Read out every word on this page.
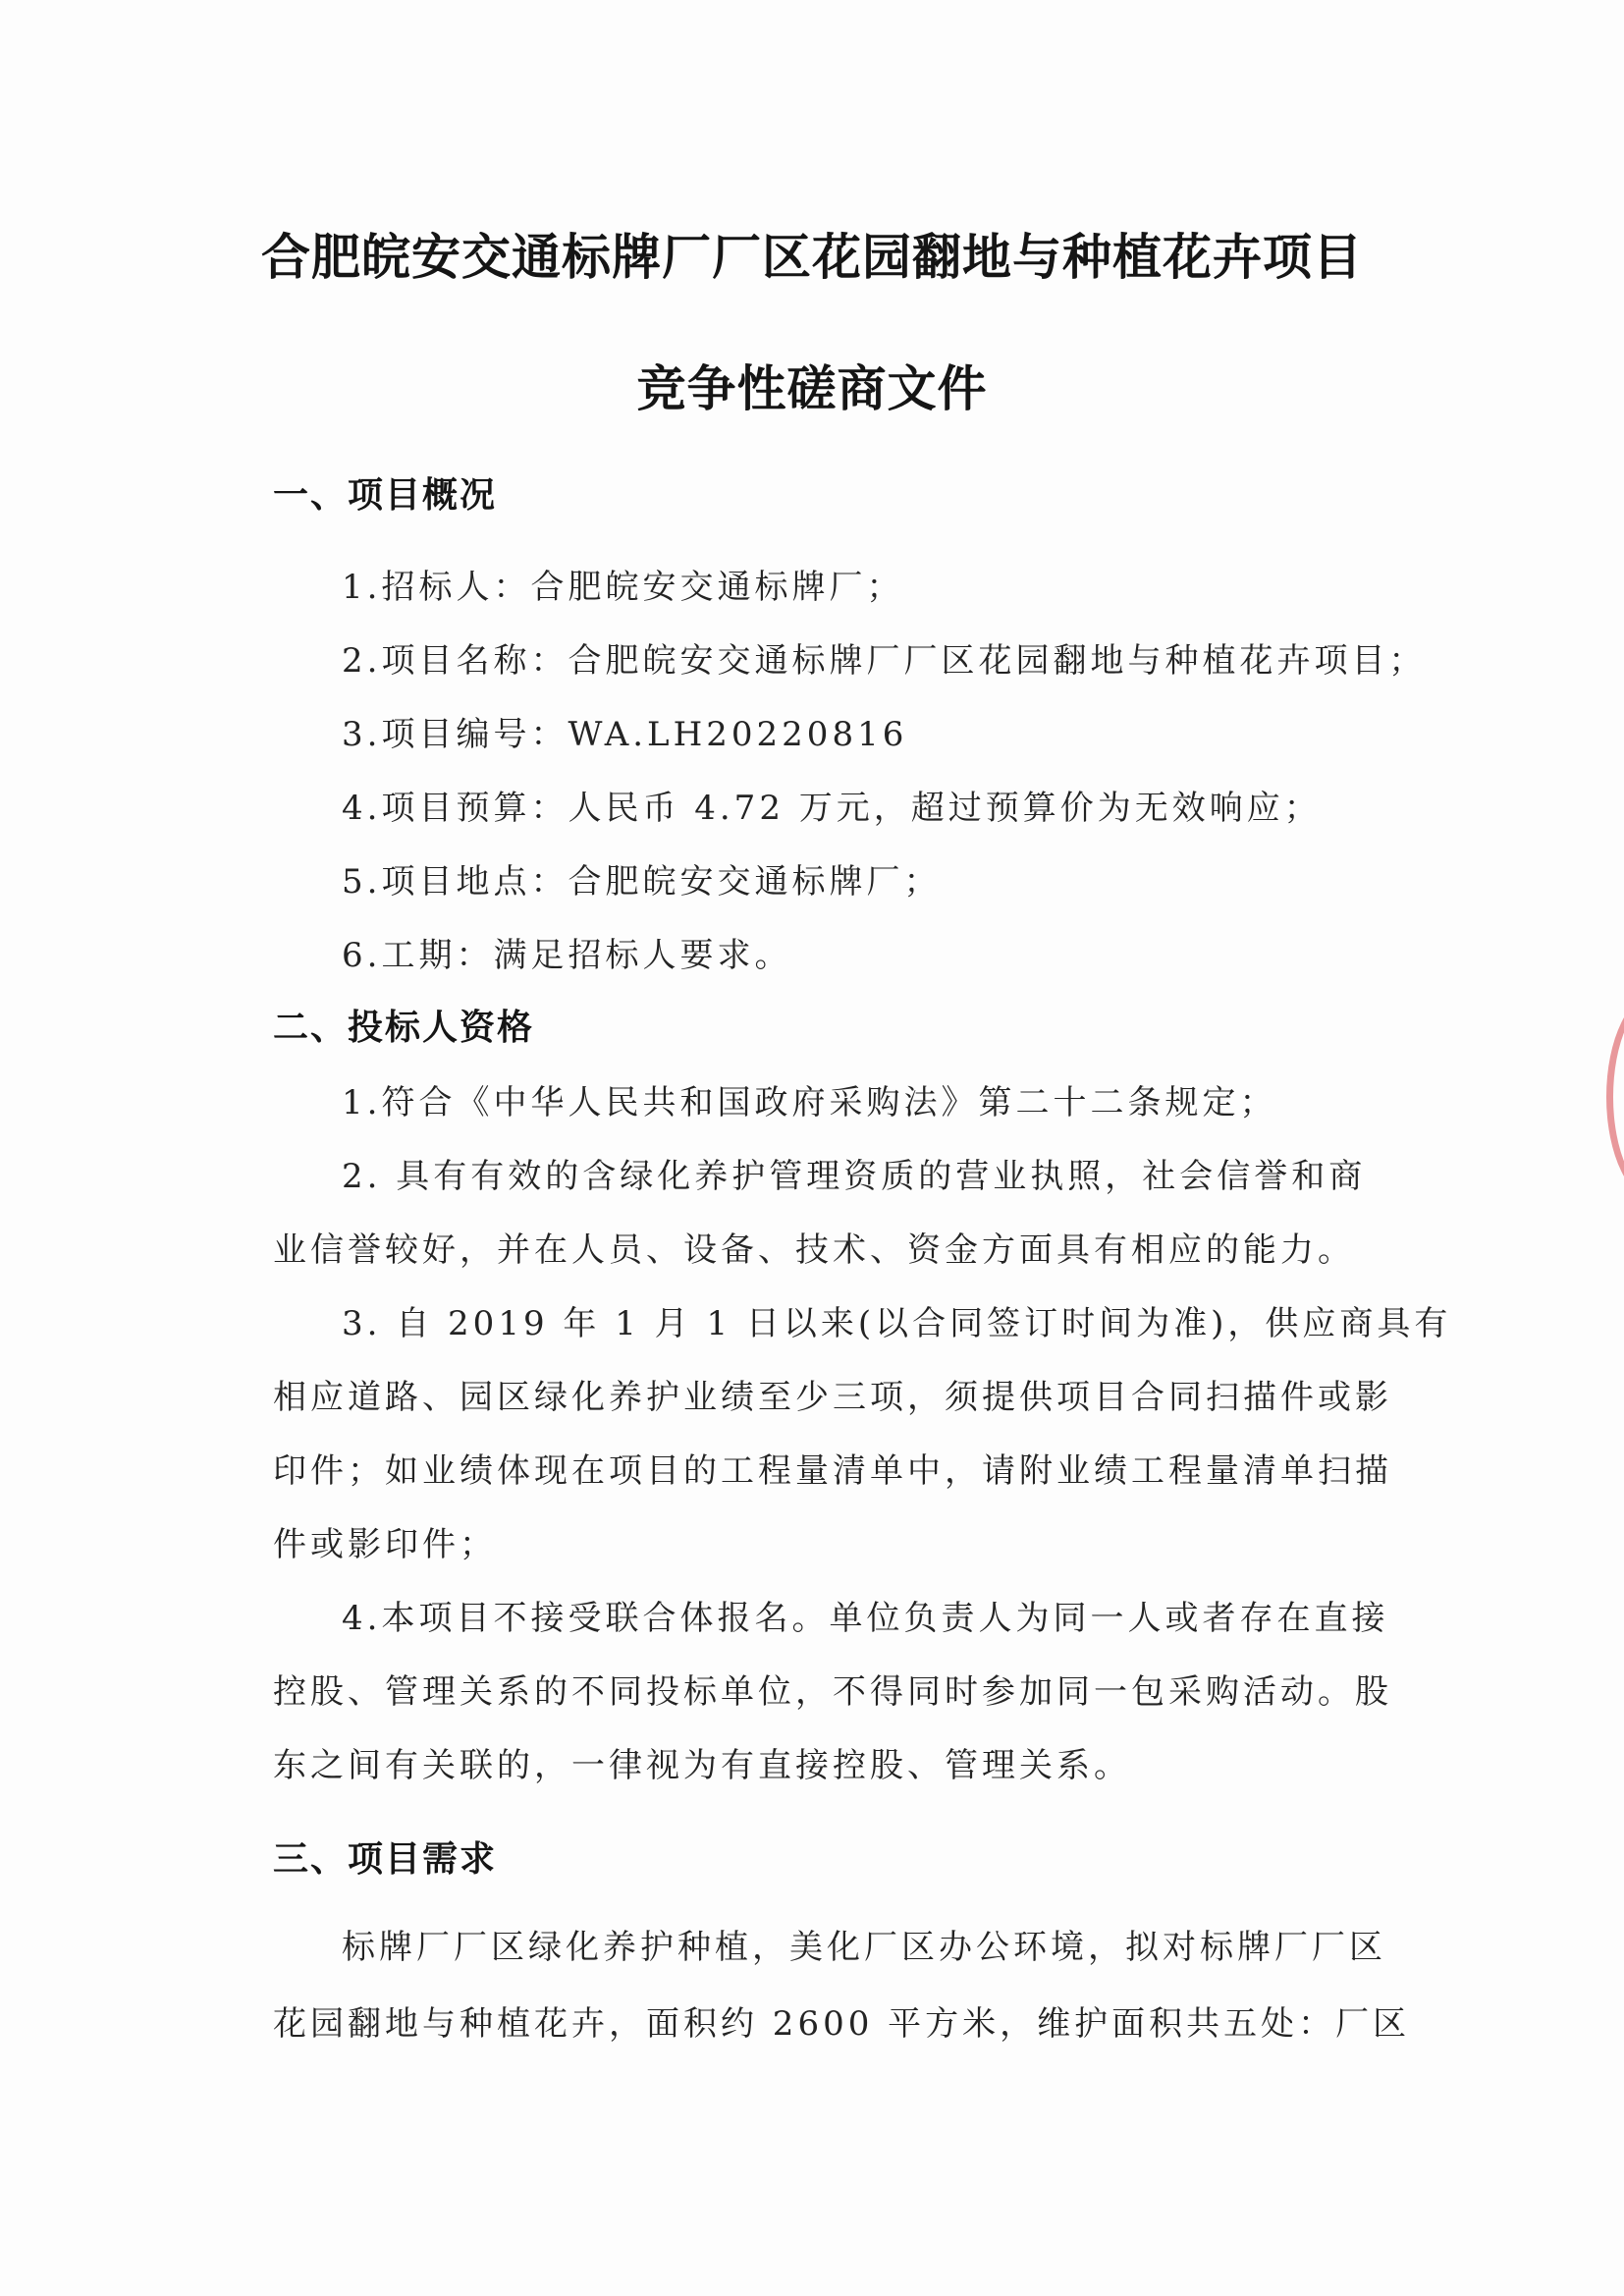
合肥皖安交通标牌厂厂区花园翻地与种植花卉项目
竞争性磋商文件
一、项目概况
1.招标人：合肥皖安交通标牌厂；
2.项目名称：合肥皖安交通标牌厂厂区花园翻地与种植花卉项目；
3.项目编号：WA.LH20220816
4.项目预算：人民币 4.72 万元，超过预算价为无效响应；
5.项目地点：合肥皖安交通标牌厂；
6.工期：满足招标人要求。
二、投标人资格
1.符合《中华人民共和国政府采购法》第二十二条规定；
2. 具有有效的含绿化养护管理资质的营业执照，社会信誉和商
业信誉较好，并在人员、设备、技术、资金方面具有相应的能力。
3. 自 2019 年 1 月 1 日以来(以合同签订时间为准)，供应商具有
相应道路、园区绿化养护业绩至少三项，须提供项目合同扫描件或影
印件；如业绩体现在项目的工程量清单中，请附业绩工程量清单扫描
件或影印件；
4.本项目不接受联合体报名。单位负责人为同一人或者存在直接
控股、管理关系的不同投标单位，不得同时参加同一包采购活动。股
东之间有关联的，一律视为有直接控股、管理关系。
三、项目需求
标牌厂厂区绿化养护种植，美化厂区办公环境，拟对标牌厂厂区
花园翻地与种植花卉，面积约 2600 平方米，维护面积共五处：厂区
